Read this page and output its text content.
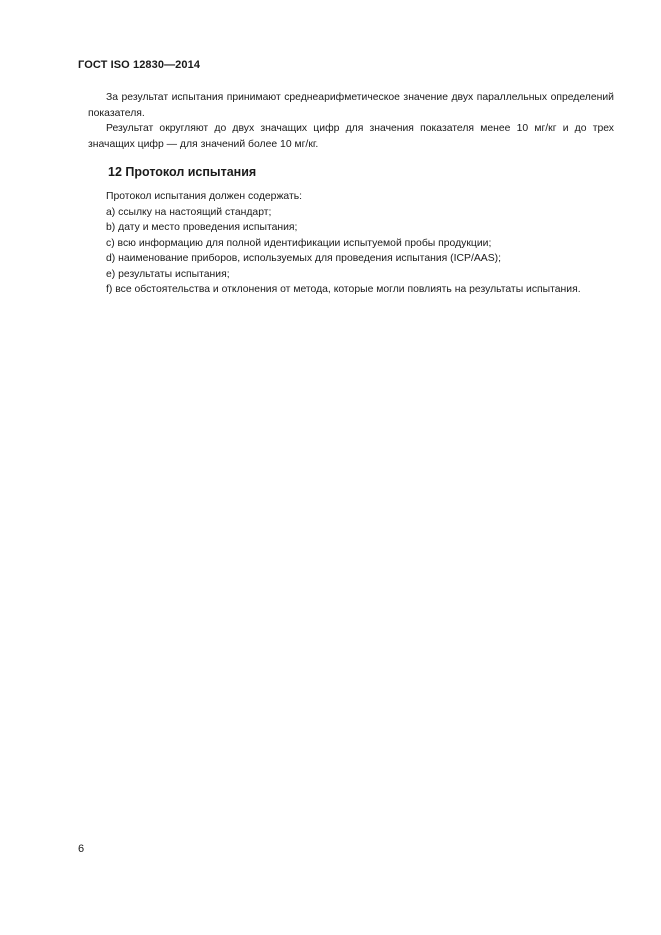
ГОСТ ISO 12830—2014

За результат испытания принимают среднеарифметическое значение двух параллельных определений показателя.

Результат округляют до двух значащих цифр для значения показателя менее 10 мг/кг и до трех значащих цифр — для значений более 10 мг/кг.

12 Протокол испытания
Протокол испытания должен содержать:
a) ссылку на настоящий стандарт;
b) дату и место проведения испытания;
c) всю информацию для полной идентификации испытуемой пробы продукции;
d) наименование приборов, используемых для проведения испытания (ICP/AAS);
e) результаты испытания;
f) все обстоятельства и отклонения от метода, которые могли повлиять на результаты испытания.
6
